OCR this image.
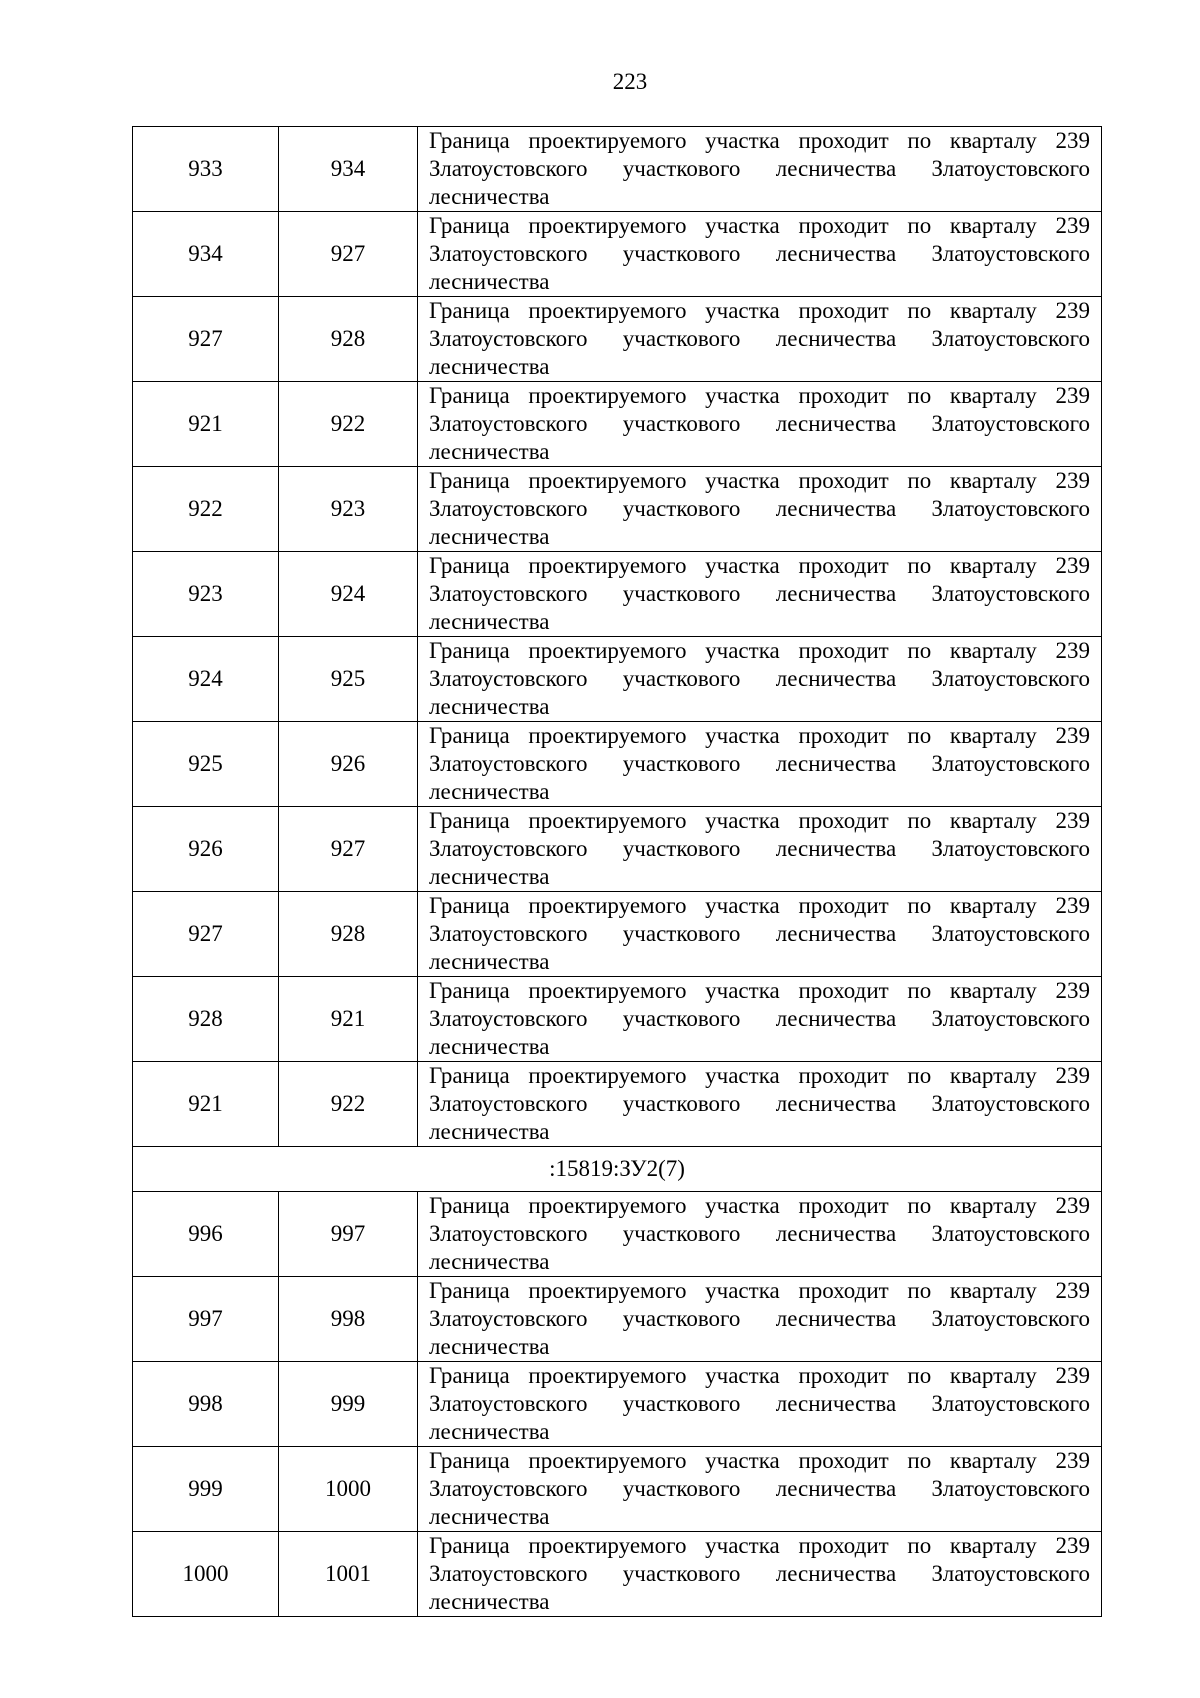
223
933	934	Граница проектируемого участка проходит по кварталу 239 Златоустовского участкового лесничества Златоустовского лесничества
934	927	Граница проектируемого участка проходит по кварталу 239 Златоустовского участкового лесничества Златоустовского лесничества
927	928	Граница проектируемого участка проходит по кварталу 239 Златоустовского участкового лесничества Златоустовского лесничества
921	922	Граница проектируемого участка проходит по кварталу 239 Златоустовского участкового лесничества Златоустовского лесничества
922	923	Граница проектируемого участка проходит по кварталу 239 Златоустовского участкового лесничества Златоустовского лесничества
923	924	Граница проектируемого участка проходит по кварталу 239 Златоустовского участкового лесничества Златоустовского лесничества
924	925	Граница проектируемого участка проходит по кварталу 239 Златоустовского участкового лесничества Златоустовского лесничества
925	926	Граница проектируемого участка проходит по кварталу 239 Златоустовского участкового лесничества Златоустовского лесничества
926	927	Граница проектируемого участка проходит по кварталу 239 Златоустовского участкового лесничества Златоустовского лесничества
927	928	Граница проектируемого участка проходит по кварталу 239 Златоустовского участкового лесничества Златоустовского лесничества
928	921	Граница проектируемого участка проходит по кварталу 239 Златоустовского участкового лесничества Златоустовского лесничества
921	922	Граница проектируемого участка проходит по кварталу 239 Златоустовского участкового лесничества Златоустовского лесничества
:15819:ЗУ2(7)		
996	997	Граница проектируемого участка проходит по кварталу 239 Златоустовского участкового лесничества Златоустовского лесничества
997	998	Граница проектируемого участка проходит по кварталу 239 Златоустовского участкового лесничества Златоустовского лесничества
998	999	Граница проектируемого участка проходит по кварталу 239 Златоустовского участкового лесничества Златоустовского лесничества
999	1000	Граница проектируемого участка проходит по кварталу 239 Златоустовского участкового лесничества Златоустовского лесничества
1000	1001	Граница проектируемого участка проходит по кварталу 239 Златоустовского участкового лесничества Златоустовского лесничества
